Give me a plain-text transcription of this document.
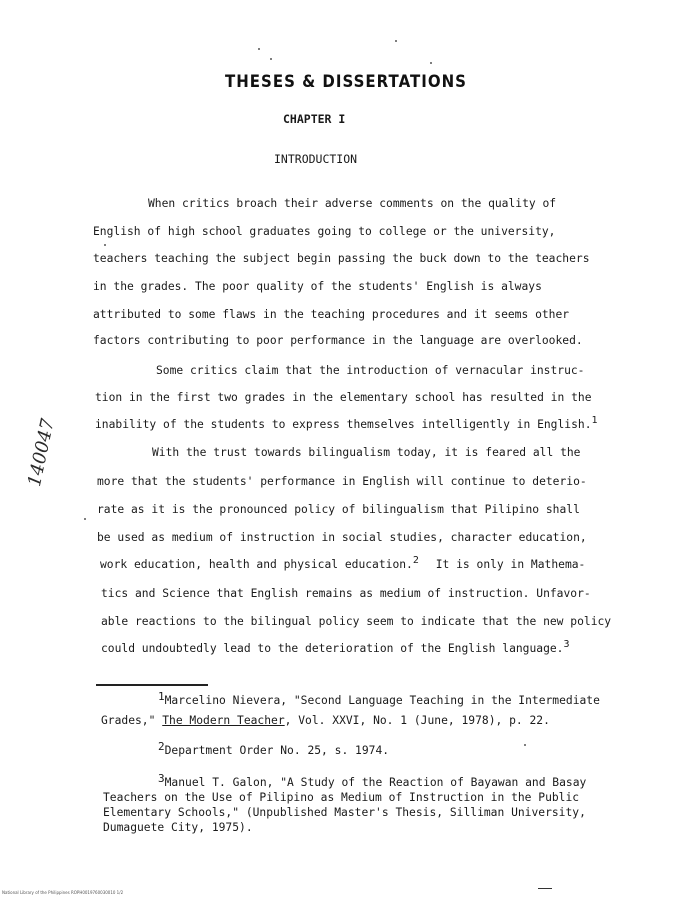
THESES & DISSERTATIONS
CHAPTER I
INTRODUCTION
When critics broach their adverse comments on the quality of
English of high school graduates going to college or the university,
teachers teaching the subject begin passing the buck down to the teachers
in the grades. The poor quality of the students' English is always
attributed to some flaws in the teaching procedures and it seems other
factors contributing to poor performance in the language are overlooked.
Some critics claim that the introduction of vernacular instruc-
tion in the first two grades in the elementary school has resulted in the
inability of the students to express themselves intelligently in English.$^1$
With the trust towards bilingualism today, it is feared all the
more that the students' performance in English will continue to deterio-
rate as it is the pronounced policy of bilingualism that Pilipino shall
be used as medium of instruction in social studies, character education,
work education, health and physical education.$^2$ It is only in Mathema-
tics and Science that English remains as medium of instruction. Unfavor-
able reactions to the bilingual policy seem to indicate that the new policy
could undoubtedly lead to the deterioration of the English language.$^3$
1Marcelino Nievera, "Second Language Teaching in the Intermediate
Grades," The Modern Teacher, Vol. XXVI, No. 1 (June, 1978), p. 22.
2Department Order No. 25, s. 1974.
3Manuel T. Galon, "A Study of the Reaction of Bayawan and Basay
Teachers on the Use of Pilipino as Medium of Instruction in the Public
Elementary Schools," (Unpublished Master's Thesis, Silliman University,
Dumaguete City, 1975).
140047
National Library of the Philippines ROPH0019760030010 1/2
